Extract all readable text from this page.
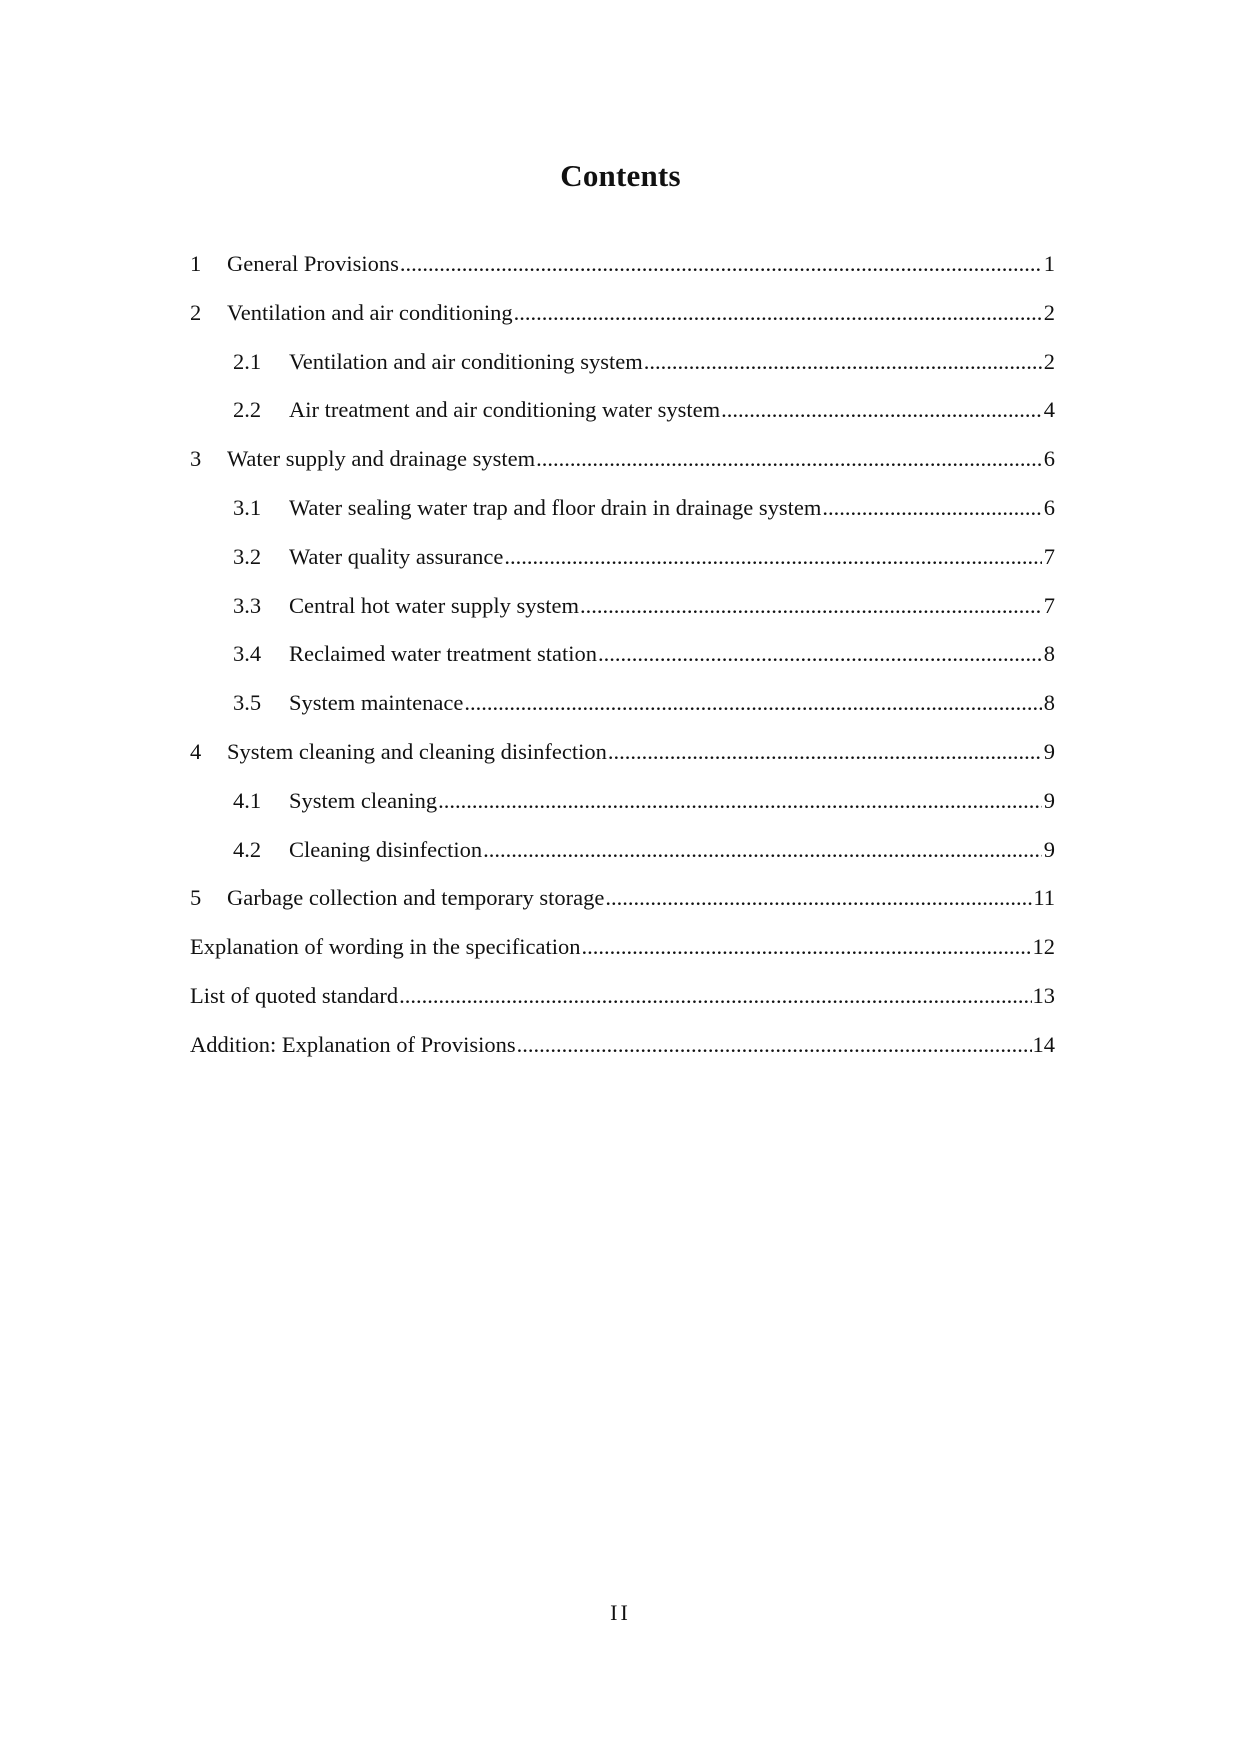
Contents
1	General Provisions .....	1
2	Ventilation and air conditioning .....	2
2.1	Ventilation and air conditioning system .....	2
2.2	Air treatment and air conditioning water system .....	4
3	Water supply and drainage system .....	6
3.1	Water sealing water trap and floor drain in drainage system .....	6
3.2	Water quality assurance .....	7
3.3	Central hot water supply system .....	7
3.4	Reclaimed water treatment station .....	8
3.5	System maintenace .....	8
4	System cleaning and cleaning disinfection .....	9
4.1	System cleaning .....	9
4.2	Cleaning disinfection .....	9
5	Garbage collection and temporary storage .....	11
Explanation of wording in the specification .....	12
List of quoted standard .....	13
Addition: Explanation of Provisions .....	14
II
